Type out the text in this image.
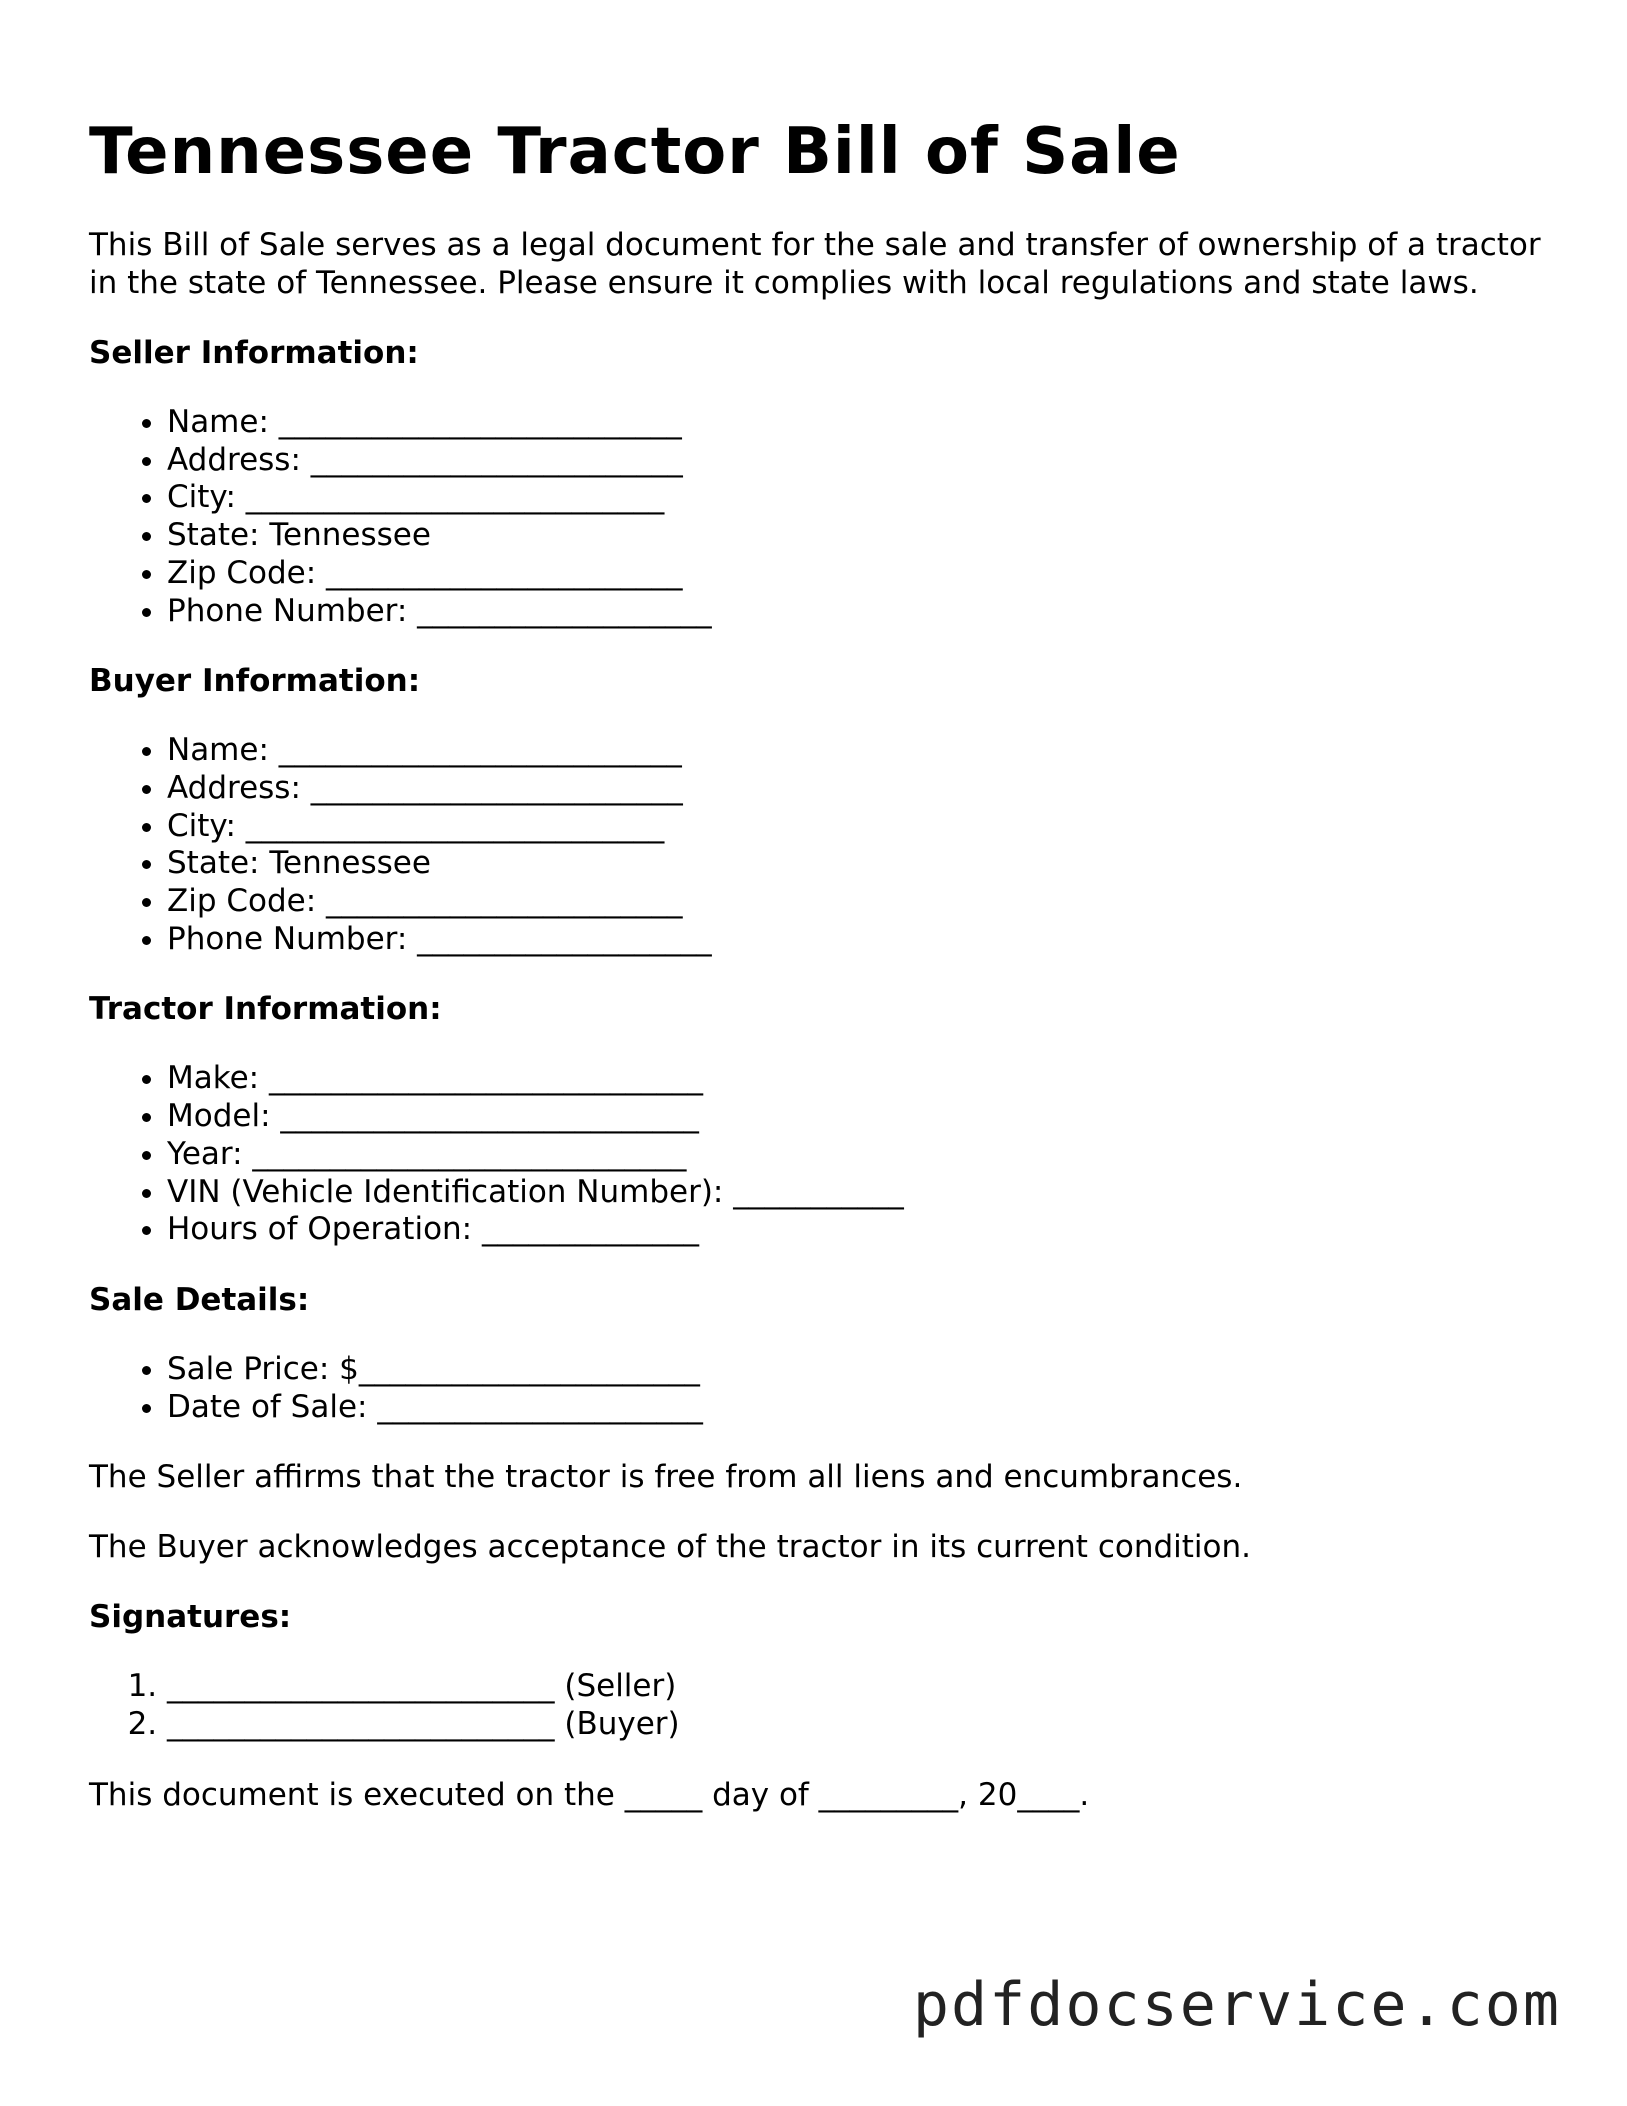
Tennessee Tractor Bill of Sale

This Bill of Sale serves as a legal document for the sale and transfer of ownership of a tractor in the state of Tennessee. Please ensure it complies with local regulations and state laws.

Seller Information:
• Name: __________________________
• Address: ________________________
• City: ___________________________
• State: Tennessee
• Zip Code: _______________________
• Phone Number: ___________________
Buyer Information:
• Name: __________________________
• Address: ________________________
• City: ___________________________
• State: Tennessee
• Zip Code: _______________________
• Phone Number: ___________________
Tractor Information:
• Make: ____________________________
• Model: ___________________________
• Year: ____________________________
• VIN (Vehicle Identification Number): ___________
• Hours of Operation: ______________
Sale Details:
• Sale Price: $______________________
• Date of Sale: _____________________

The Seller affirms that the tractor is free from all liens and encumbrances.

The Buyer acknowledges acceptance of the tractor in its current condition.

Signatures:
1. _________________________ (Seller)
2. _________________________ (Buyer)

This document is executed on the _____ day of _________, 20____.

pdfdocservice.com
